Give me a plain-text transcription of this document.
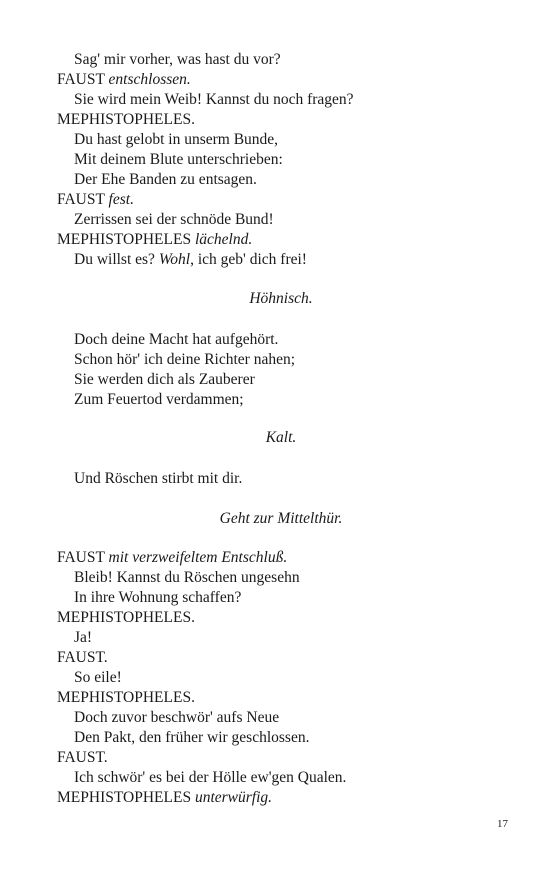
Sag' mir vorher, was hast du vor?
FAUST entschlossen.
Sie wird mein Weib! Kannst du noch fragen?
MEPHISTOPHELES.
Du hast gelobt in unserm Bunde,
Mit deinem Blute unterschrieben:
Der Ehe Banden zu entsagen.
FAUST fest.
Zerrissen sei der schnöde Bund!
MEPHISTOPHELES lächelnd.
Du willst es? Wohl, ich geb' dich frei!
Höhnisch.
Doch deine Macht hat aufgehört.
Schon hör' ich deine Richter nahen;
Sie werden dich als Zauberer
Zum Feuertod verdammen;
Kalt.
Und Röschen stirbt mit dir.
Geht zur Mittelthür.
FAUST mit verzweifeltem Entschluß.
Bleib! Kannst du Röschen ungesehn
In ihre Wohnung schaffen?
MEPHISTOPHELES.
Ja!
FAUST.
So eile!
MEPHISTOPHELES.
Doch zuvor beschwör' aufs Neue
Den Pakt, den früher wir geschlossen.
FAUST.
Ich schwör' es bei der Hölle ew'gen Qualen.
MEPHISTOPHELES unterwürfig.
17
